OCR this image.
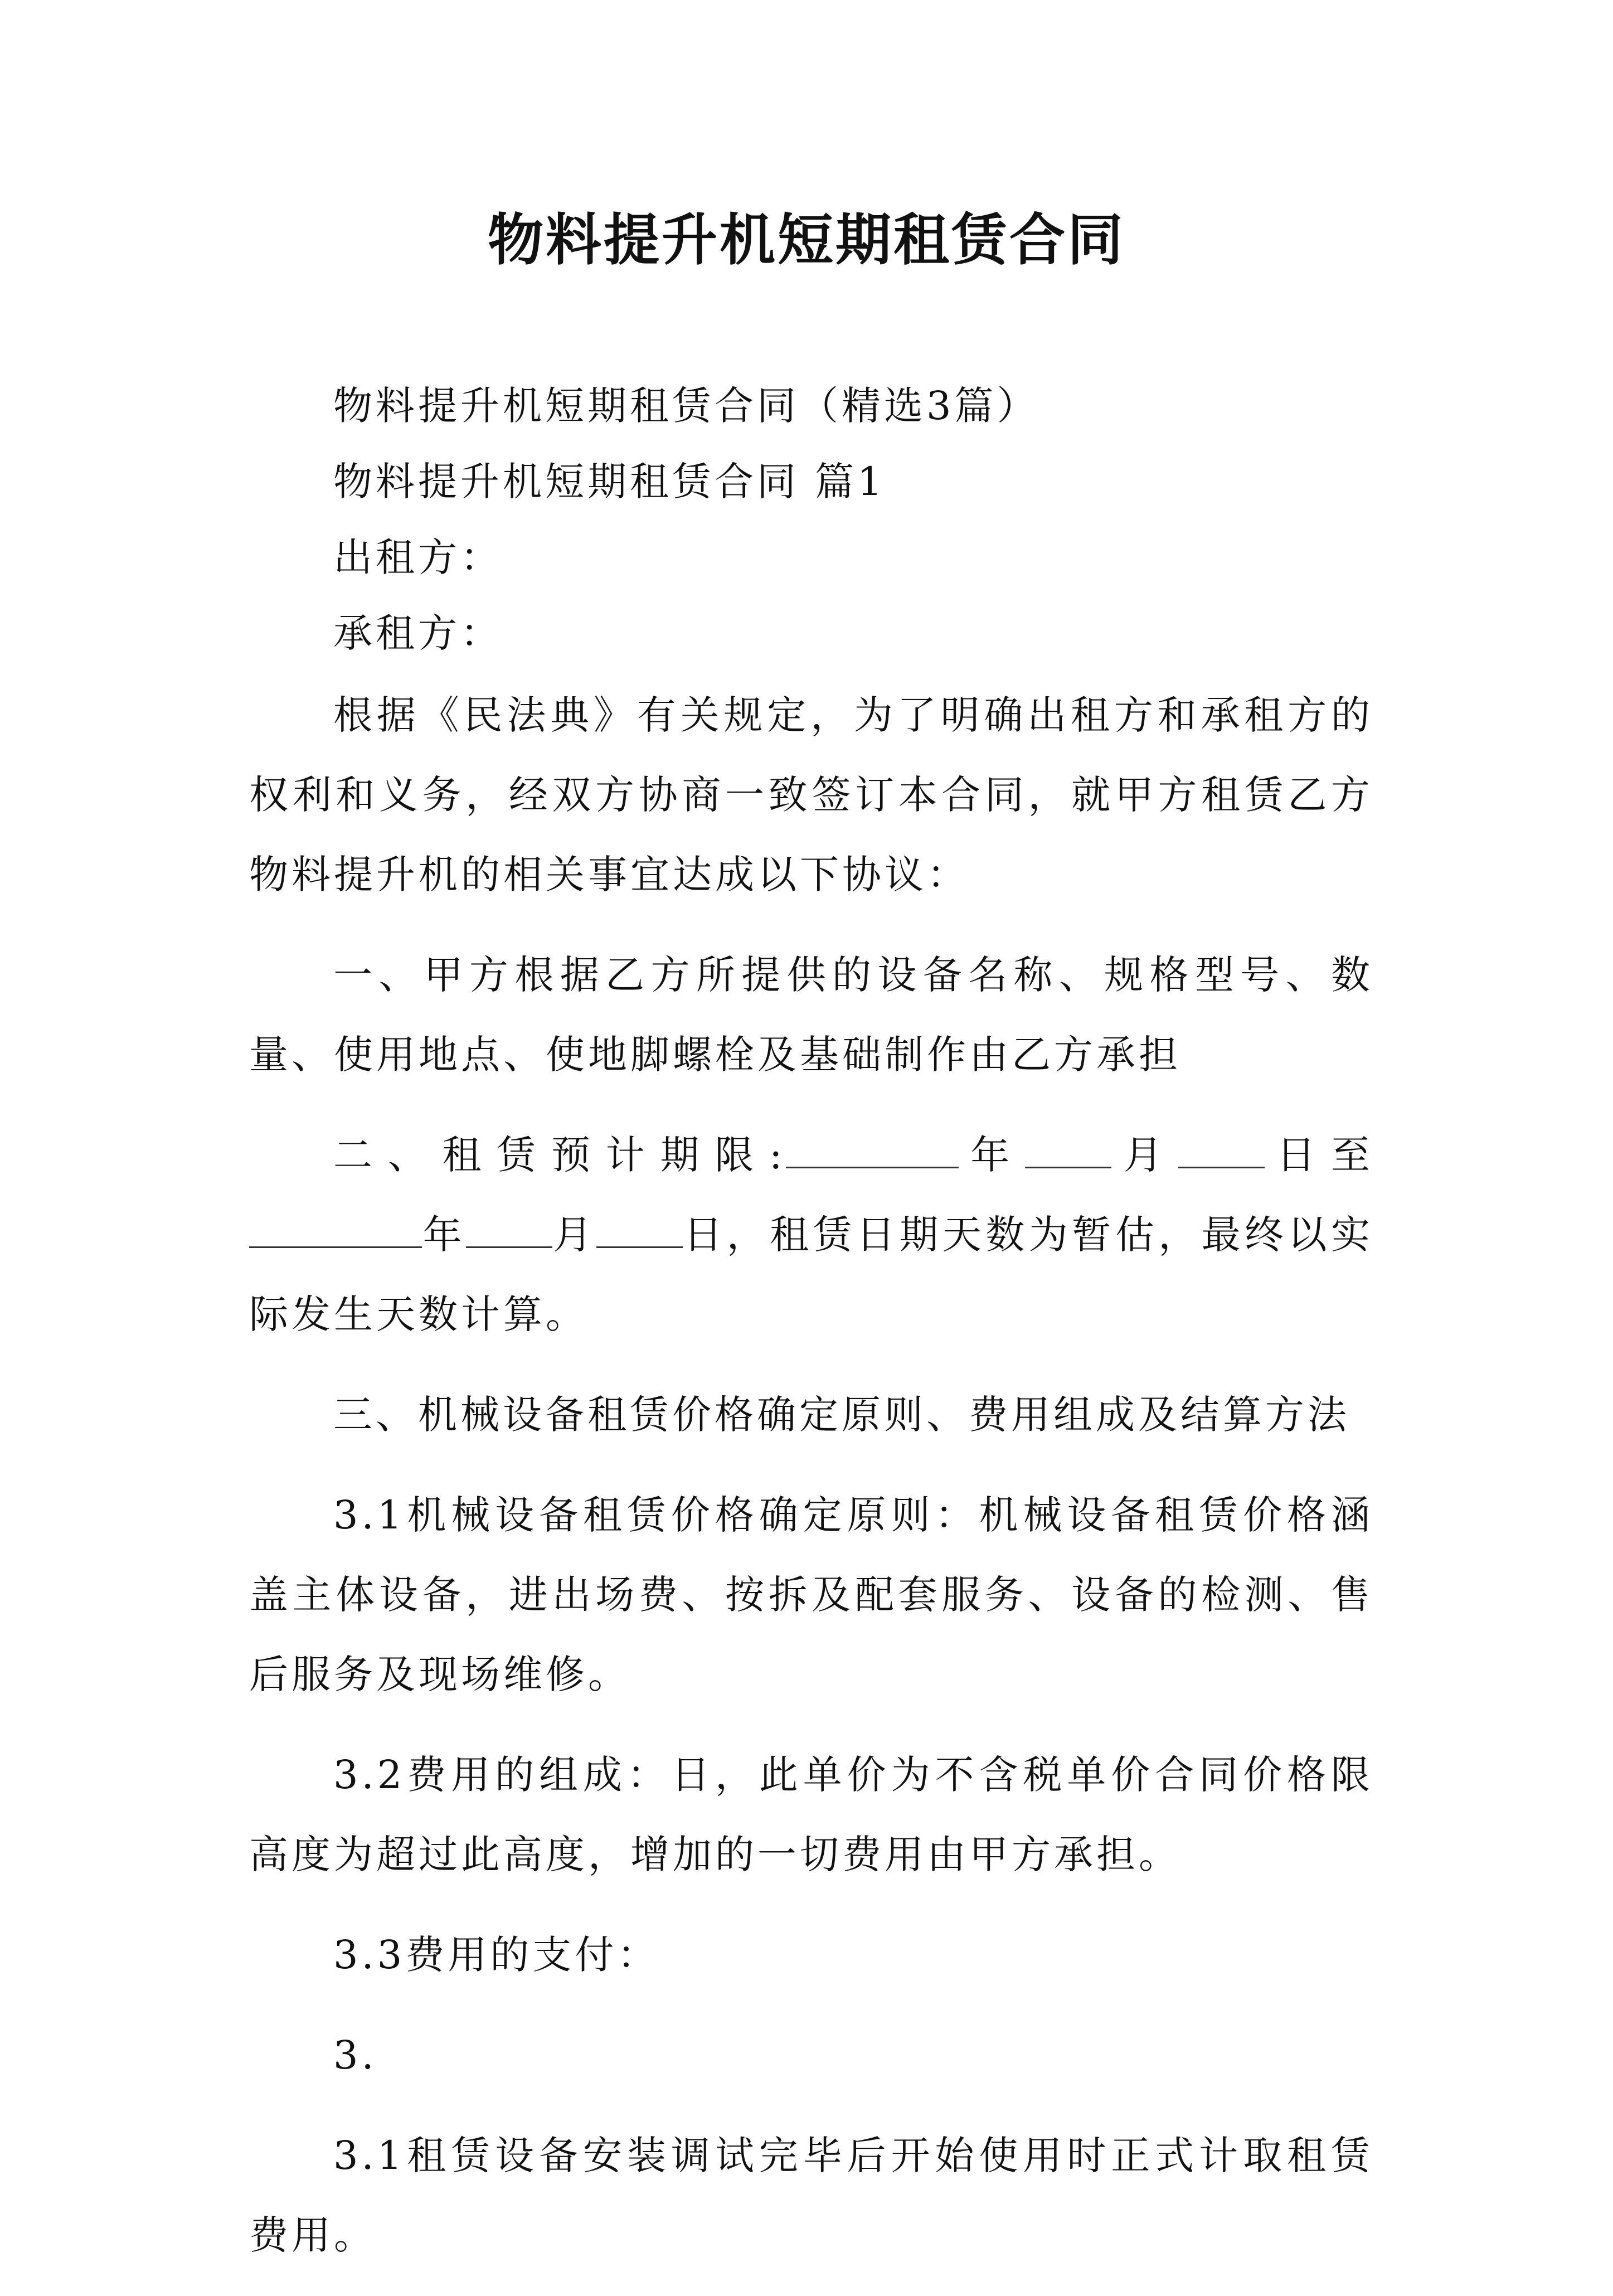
物料提升机短期租赁合同

物料提升机短期租赁合同（精选3篇）

物料提升机短期租赁合同 篇1

出租方：

承租方：

根据《民法典》有关规定，为了明确出租方和承租方的权利和义务，经双方协商一致签订本合同，就甲方租赁乙方物料提升机的相关事宜达成以下协议：

一、甲方根据乙方所提供的设备名称、规格型号、数量、使用地点、使地脚螺栓及基础制作由乙方承担

二、租赁预计期限:	年 月 日至年 月 日，租赁日期天数为暂估，最终以实际发生天数计算。

三、机械设备租赁价格确定原则、费用组成及结算方法

3.1机械设备租赁价格确定原则：机械设备租赁价格涵盖主体设备，进出场费、按拆及配套服务、设备的检测、售后服务及现场维修。

3.2费用的组成：日，此单价为不含税单价合同价格限高度为超过此高度，增加的一切费用由甲方承担。

3.3费用的支付：

3.

3.1租赁设备安装调试完毕后开始使用时正式计取租赁费用。
